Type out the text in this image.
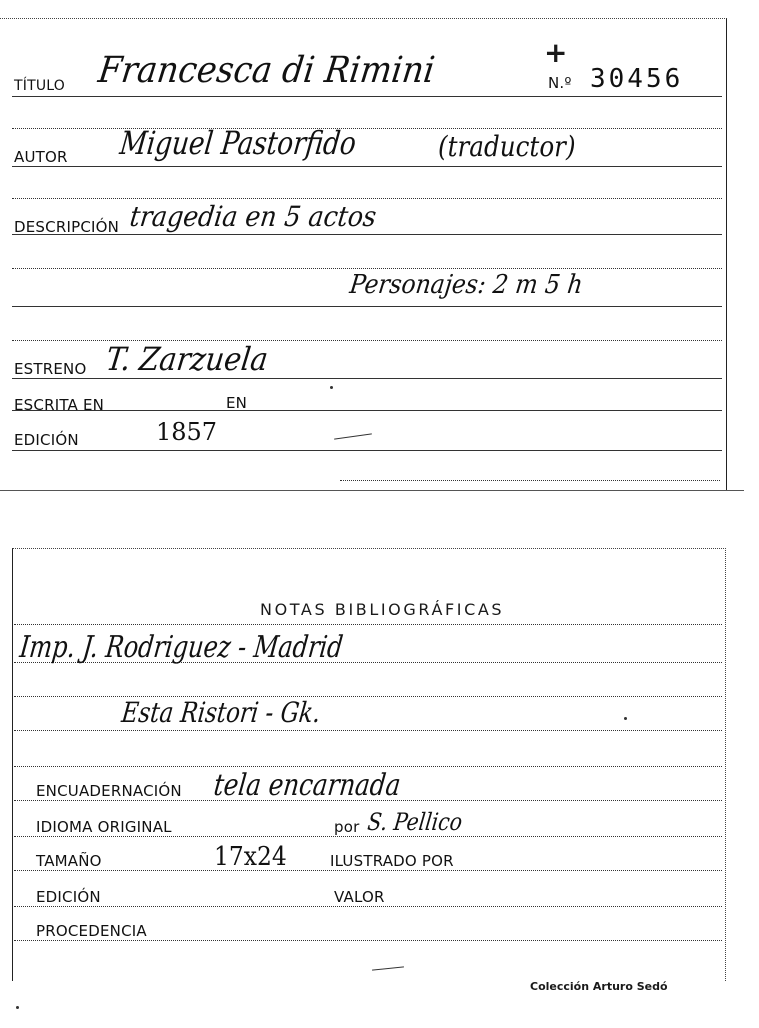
TÍTULO Francesca di Rimini	+
N.º 30456
AUTOR Miguel Pastorfido	(traductor)
DESCRIPCIÓN tragedia en 5 actos
Personajes: 2 m 5 h
ESTRENO T. Zarzuela
ESCRITA EN	EN
EDICIÓN	1857
NOTAS BIBLIOGRÁFICAS
Imp. J. Rodriguez - Madrid
Esta Ristori - Gk.
ENCUADERNACIÓN tela encarnada
IDIOMA ORIGINAL	por S. Pellico
TAMAÑO	17x24	ILUSTRADO POR
EDICIÓN	VALOR
PROCEDENCIA
Colección Arturo Sedó
